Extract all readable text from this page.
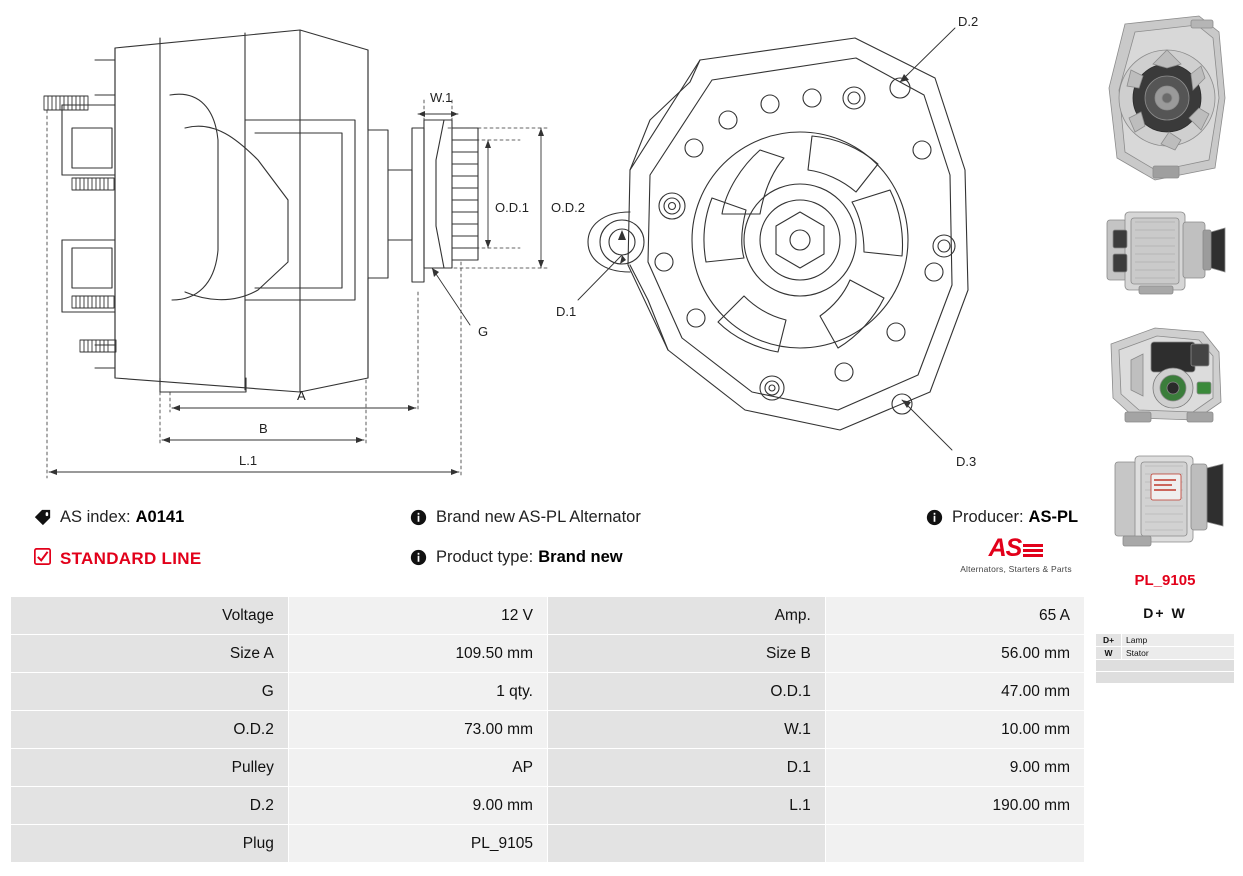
W.1
O.D.1 O.D.2
G
A
B
L.1
D.2
D.1
D.3
AS index: A0141	Brand new AS-PL Alternator	Producer: AS-PL
STANDARD LINE	Product type: Brand new	AS
Alternators, Starters & Parts
Voltage	12 V	Amp.	65 A
Size A	109.50 mm	Size B	56.00 mm
G	1 qty.	O.D.1	47.00 mm
O.D.2	73.00 mm	W.1	10.00 mm
Pulley	AP	D.1	9.00 mm
D.2	9.00 mm	L.1	190.00 mm
Plug	PL_9105		
PL_9105
D+ W
D+	Lamp
W	Stator
